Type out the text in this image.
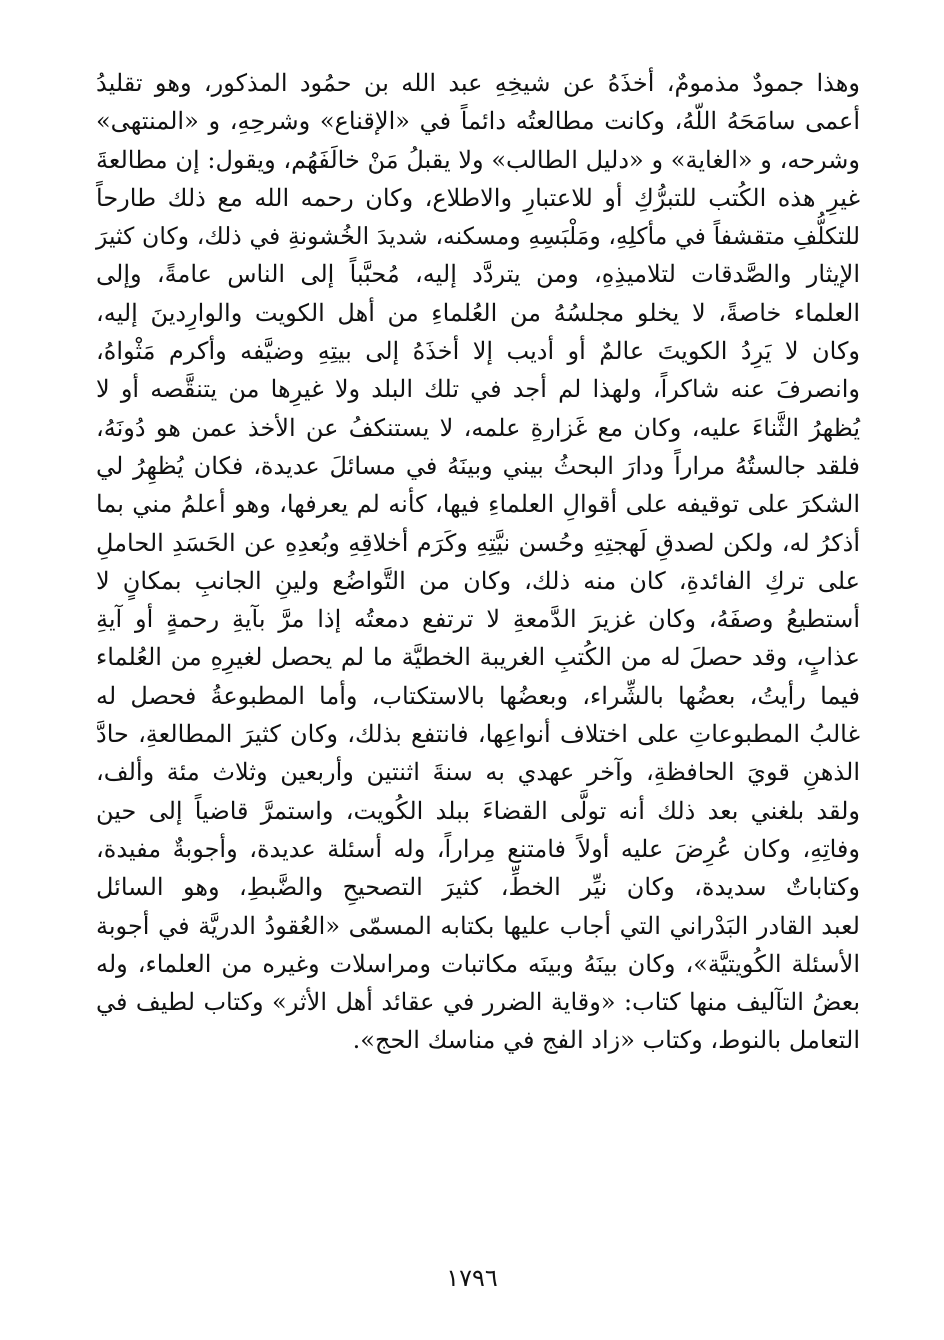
وهذا جمودٌ مذمومٌ، أخذَهُ عن شيخِهِ عبد الله بن حمُود المذكور، وهو تقليدُ
أعمى سامَحَهُ اللّهُ، وكانت مطالعتُه دائماً في «الإقناع» وشرحِهِ، و «المنتهى»
وشرحه، و «الغاية» و «دليل الطالب» ولا يقبلُ مَنْ خالَفَهُم، ويقول: إن مطالعةَ
غيرِ هذه الكُتب للتبرُّكِ أو للاعتبارِ والاطلاع، وكان رحمه الله مع ذلك طارحاً
للتكلُّفِ متقشفاً في مأكلِهِ، ومَلْبَسِهِ ومسكنه، شديدَ الخُشونةِ في ذلك، وكان كثيرَ
الإيثار والصَّدقات لتلاميذِهِ، ومن يتردَّد إليه، مُحبَّباً إلى الناس عامةً، وإلى
العلماء خاصةً، لا يخلو مجلسُهُ من العُلماءِ من أهل الكويت والوارِدينَ إليه،
وكان لا يَرِدُ الكويتَ عالمٌ أو أديب إلا أخذَهُ إلى بيتِهِ وضيَّفه وأكرم مَثْواهُ،
وانصرفَ عنه شاكراً، ولهذا لم أجد في تلك البلد ولا غيرِها من يتنقَّصه أو لا
يُظهرُ الثَّناءَ عليه، وكان مع غَزارةِ علمه، لا يستنكفُ عن الأخذ عمن هو دُونَهُ،
فلقد جالستُهُ مراراً ودارَ البحثُ بيني وبينَهُ في مسائلَ عديدة، فكان يُظهِرُ لي
الشكرَ على توقيفه على أقوالِ العلماءِ فيها، كأنه لم يعرفها، وهو أعلمُ مني بما
أذكرُ له، ولكن لصدقِ لَهجتِهِ وحُسن نيَّتِهِ وكَرَم أخلاقِهِ وبُعدِهِ عن الحَسَدِ الحاملِ
على تركِ الفائدةِ، كان منه ذلك، وكان من التَّواضُع ولينِ الجانبِ بمكانٍ لا
أستطيعُ وصفَهُ، وكان غزيرَ الدَّمعةِ لا ترتفع دمعتُه إذا مرَّ بآيةِ رحمةٍ أو آيةِ
عذابٍ، وقد حصلَ له من الكُتبِ الغريبة الخطيَّة ما لم يحصل لغيرِهِ من العُلماء
فيما رأيتُ، بعضُها بالشِّراء، وبعضُها بالاستكتاب، وأما المطبوعةُ فحصل له
غالبُ المطبوعاتِ على اختلاف أنواعِها، فانتفع بذلك، وكان كثيرَ المطالعةِ، حادَّ
الذهنِ قويَ الحافظةِ، وآخر عهدي به سنةَ اثنتين وأربعين وثلاث مئة وألف،
ولقد بلغني بعد ذلك أنه تولَّى القضاءَ ببلد الكُويت، واستمرَّ قاضياً إلى حين
وفاتِهِ، وكان عُرِضَ عليه أولاً فامتنع مِراراً، وله أسئلة عديدة، وأجوبةٌ مفيدة،
وكتاباتٌ سديدة، وكان نيِّر الخطِّ، كثيرَ التصحيحِ والضَّبطِ، وهو السائل
لعبد القادر البَدْراني التي أجاب عليها بكتابه المسمّى «العُقودُ الدريَّة في أجوبة
الأسئلة الكُويتيَّة»، وكان بينَهُ وبينَه مكاتبات ومراسلات وغيره من العلماء، وله
بعضُ التآليف منها كتاب: «وقاية الضرر في عقائد أهل الأثر» وكتاب لطيف في
التعامل بالنوط، وكتاب «زاد الفج في مناسك الحج».
١٧٩٦
